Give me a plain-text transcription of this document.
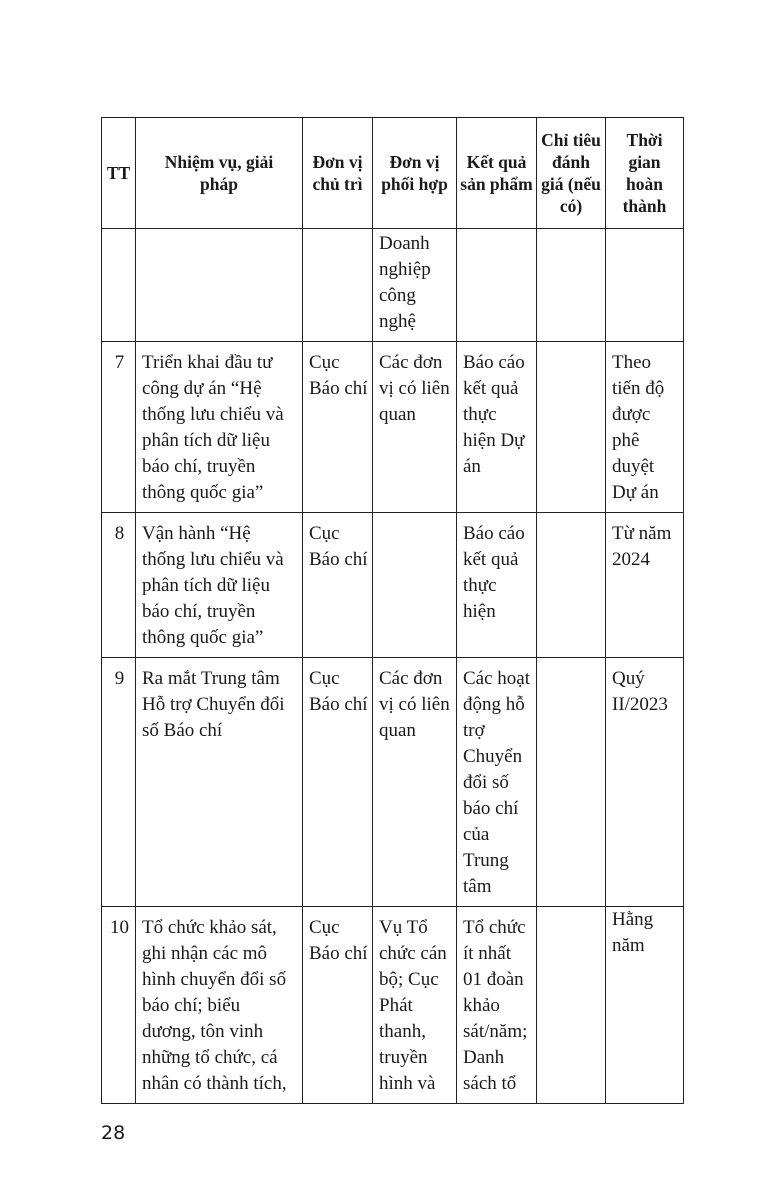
TT	Nhiệm vụ, giải pháp	Đơn vị chủ trì	Đơn vị phối hợp	Kết quả sản phẩm	Chỉ tiêu đánh giá (nếu có)	Thời gian hoàn thành
			Doanh nghiệp công nghệ			
7	Triển khai đầu tư công dự án “Hệ thống lưu chiểu và phân tích dữ liệu báo chí, truyền thông quốc gia”	Cục Báo chí	Các đơn vị có liên quan	Báo cáo kết quả thực hiện Dự án		Theo tiến độ được phê duyệt Dự án
8	Vận hành “Hệ thống lưu chiểu và phân tích dữ liệu báo chí, truyền thông quốc gia”	Cục Báo chí		Báo cáo kết quả thực hiện		Từ năm 2024
9	Ra mắt Trung tâm Hỗ trợ Chuyển đổi số Báo chí	Cục Báo chí	Các đơn vị có liên quan	Các hoạt động hỗ trợ Chuyển đổi số báo chí của Trung tâm		Quý II/2023
10	Tổ chức khảo sát, ghi nhận các mô hình chuyển đổi số báo chí; biểu dương, tôn vinh những tổ chức, cá nhân có thành tích,	Cục Báo chí	Vụ Tổ chức cán bộ; Cục Phát thanh, truyền hình và	Tổ chức ít nhất 01 đoàn khảo sát/năm; Danh sách tổ		Hằng năm
28
